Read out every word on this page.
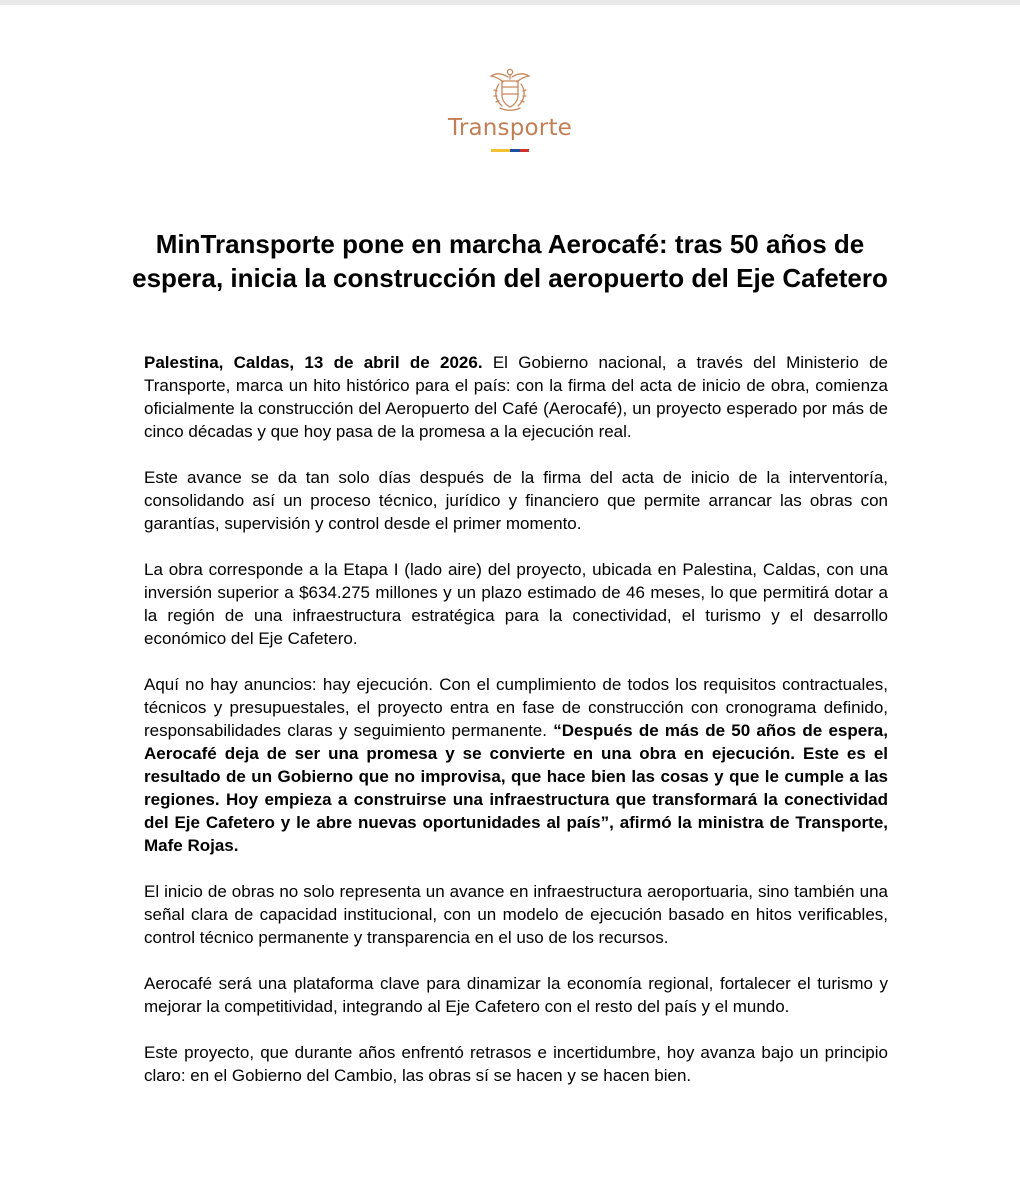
Transporte
MinTransporte pone en marcha Aerocafé: tras 50 años de espera, inicia la construcción del aeropuerto del Eje Cafetero

Palestina, Caldas, 13 de abril de 2026. El Gobierno nacional, a través del Ministerio de Transporte, marca un hito histórico para el país: con la firma del acta de inicio de obra, comienza oficialmente la construcción del Aeropuerto del Café (Aerocafé), un proyecto esperado por más de cinco décadas y que hoy pasa de la promesa a la ejecución real.

Este avance se da tan solo días después de la firma del acta de inicio de la interventoría, consolidando así un proceso técnico, jurídico y financiero que permite arrancar las obras con garantías, supervisión y control desde el primer momento.

La obra corresponde a la Etapa I (lado aire) del proyecto, ubicada en Palestina, Caldas, con una inversión superior a $634.275 millones y un plazo estimado de 46 meses, lo que permitirá dotar a la región de una infraestructura estratégica para la conectividad, el turismo y el desarrollo económico del Eje Cafetero.

Aquí no hay anuncios: hay ejecución. Con el cumplimiento de todos los requisitos contractuales, técnicos y presupuestales, el proyecto entra en fase de construcción con cronograma definido, responsabilidades claras y seguimiento permanente. “Después de más de 50 años de espera, Aerocafé deja de ser una promesa y se convierte en una obra en ejecución. Este es el resultado de un Gobierno que no improvisa, que hace bien las cosas y que le cumple a las regiones. Hoy empieza a construirse una infraestructura que transformará la conectividad del Eje Cafetero y le abre nuevas oportunidades al país”, afirmó la ministra de Transporte, Mafe Rojas.

El inicio de obras no solo representa un avance en infraestructura aeroportuaria, sino también una señal clara de capacidad institucional, con un modelo de ejecución basado en hitos verificables, control técnico permanente y transparencia en el uso de los recursos.

Aerocafé será una plataforma clave para dinamizar la economía regional, fortalecer el turismo y mejorar la competitividad, integrando al Eje Cafetero con el resto del país y el mundo.

Este proyecto, que durante años enfrentó retrasos e incertidumbre, hoy avanza bajo un principio claro: en el Gobierno del Cambio, las obras sí se hacen y se hacen bien.
